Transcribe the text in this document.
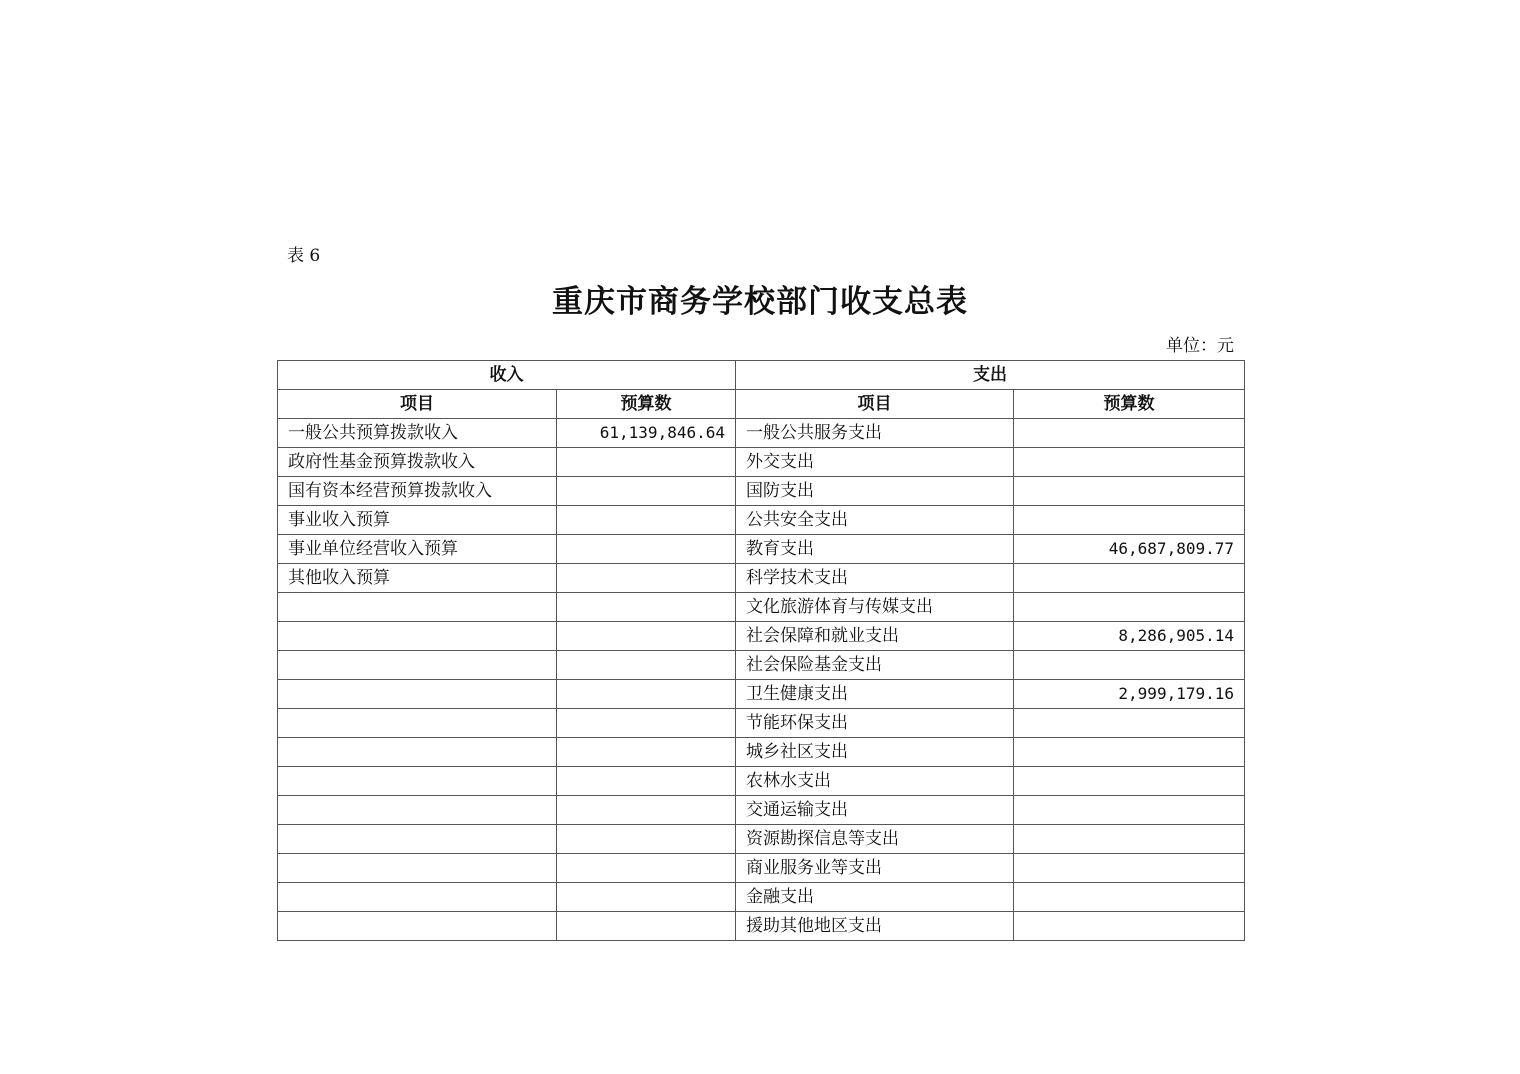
表 6
重庆市商务学校部门收支总表
单位：元
收入		支出	
项目	预算数	项目	预算数
一般公共预算拨款收入	61,139,846.64	一般公共服务支出	
政府性基金预算拨款收入		外交支出	
国有资本经营预算拨款收入		国防支出	
事业收入预算		公共安全支出	
事业单位经营收入预算		教育支出	46,687,809.77
其他收入预算		科学技术支出	
		文化旅游体育与传媒支出	
		社会保障和就业支出	8,286,905.14
		社会保险基金支出	
		卫生健康支出	2,999,179.16
		节能环保支出	
		城乡社区支出	
		农林水支出	
		交通运输支出	
		资源勘探信息等支出	
		商业服务业等支出	
		金融支出	
		援助其他地区支出	
